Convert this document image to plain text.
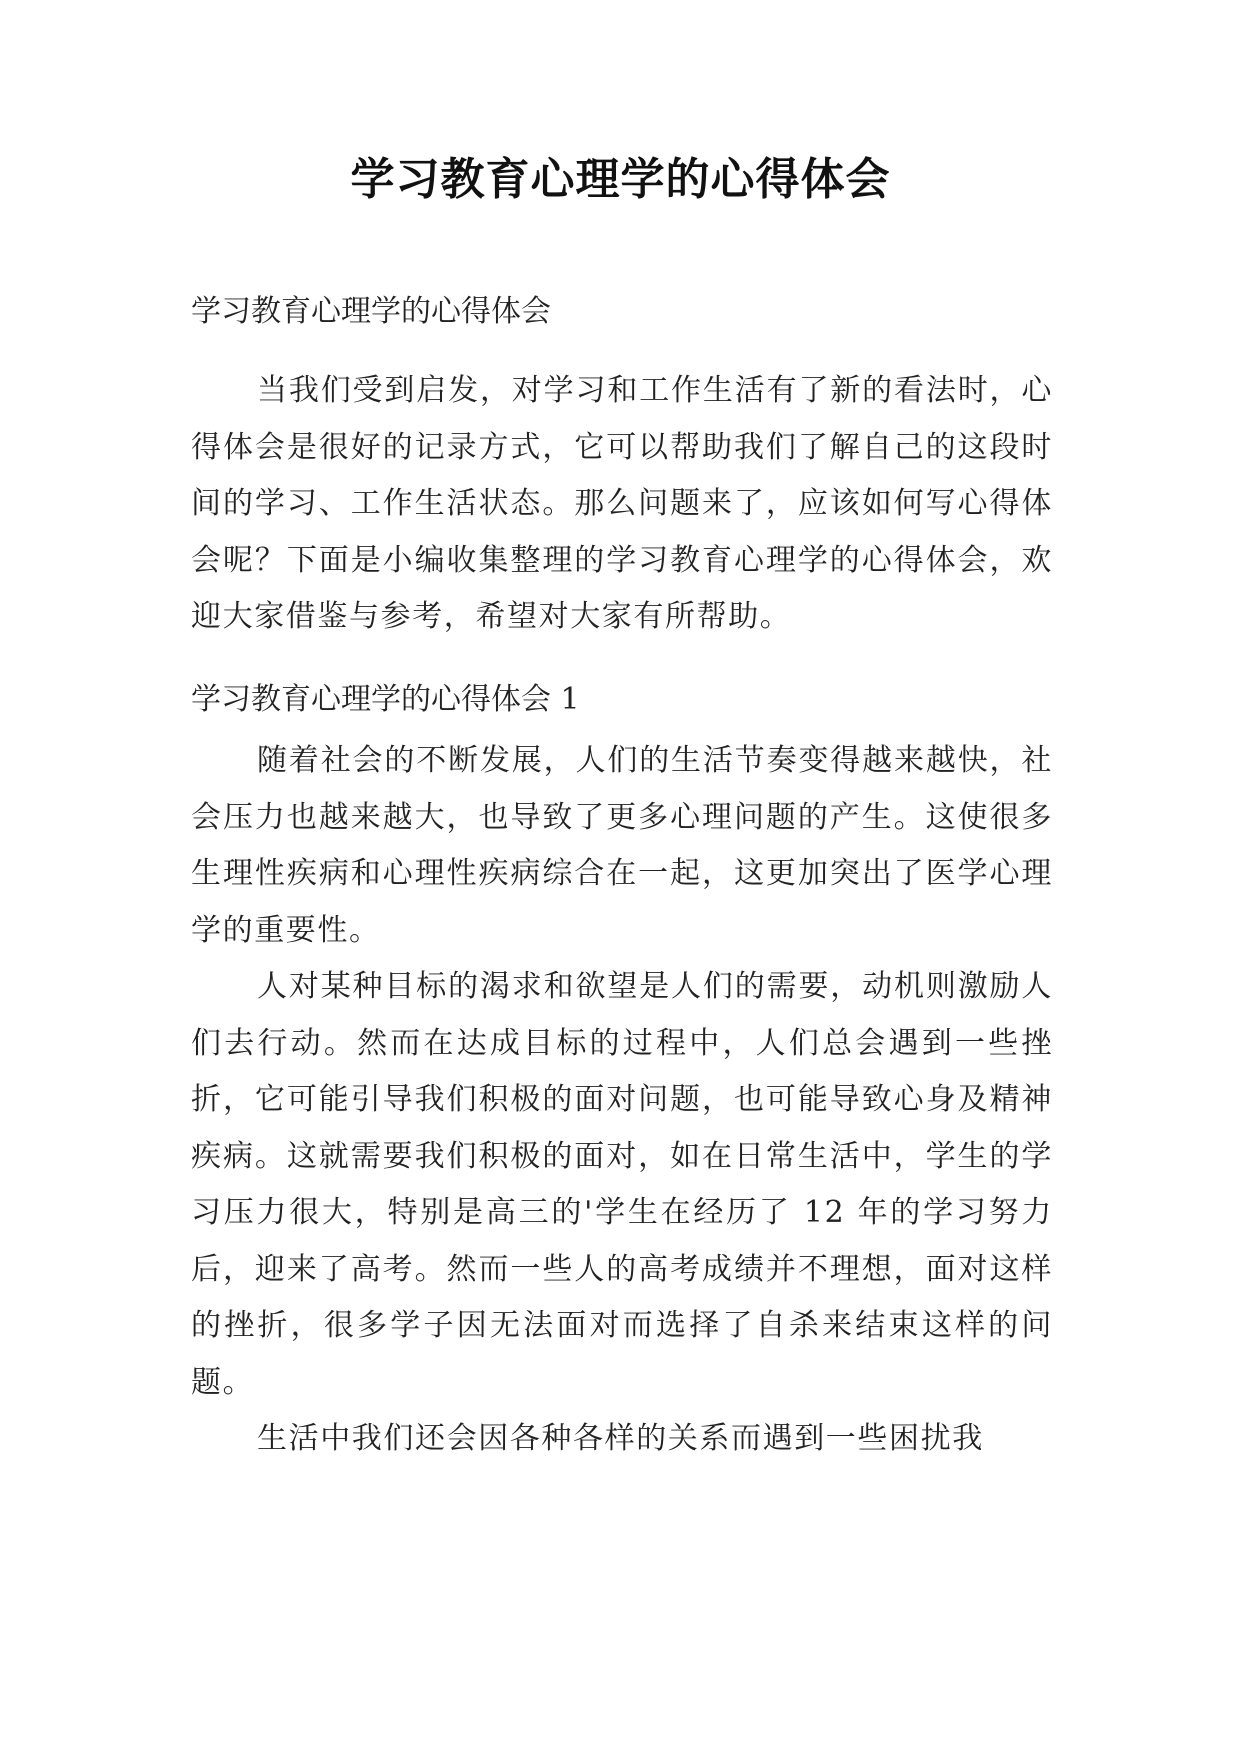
学习教育心理学的心得体会
学习教育心理学的心得体会

当我们受到启发，对学习和工作生活有了新的看法时，心得体会是很好的记录方式，它可以帮助我们了解自己的这段时间的学习、工作生活状态。那么问题来了，应该如何写心得体会呢？下面是小编收集整理的学习教育心理学的心得体会，欢迎大家借鉴与参考，希望对大家有所帮助。

学习教育心理学的心得体会 1

随着社会的不断发展，人们的生活节奏变得越来越快，社会压力也越来越大，也导致了更多心理问题的产生。这使很多生理性疾病和心理性疾病综合在一起，这更加突出了医学心理学的重要性。

人对某种目标的渴求和欲望是人们的需要，动机则激励人们去行动。然而在达成目标的过程中，人们总会遇到一些挫折，它可能引导我们积极的面对问题，也可能导致心身及精神疾病。这就需要我们积极的面对，如在日常生活中，学生的学习压力很大，特别是高三的'学生在经历了 12 年的学习努力后，迎来了高考。然而一些人的高考成绩并不理想，面对这样的挫折，很多学子因无法面对而选择了自杀来结束这样的问题。

生活中我们还会因各种各样的关系而遇到一些困扰我
